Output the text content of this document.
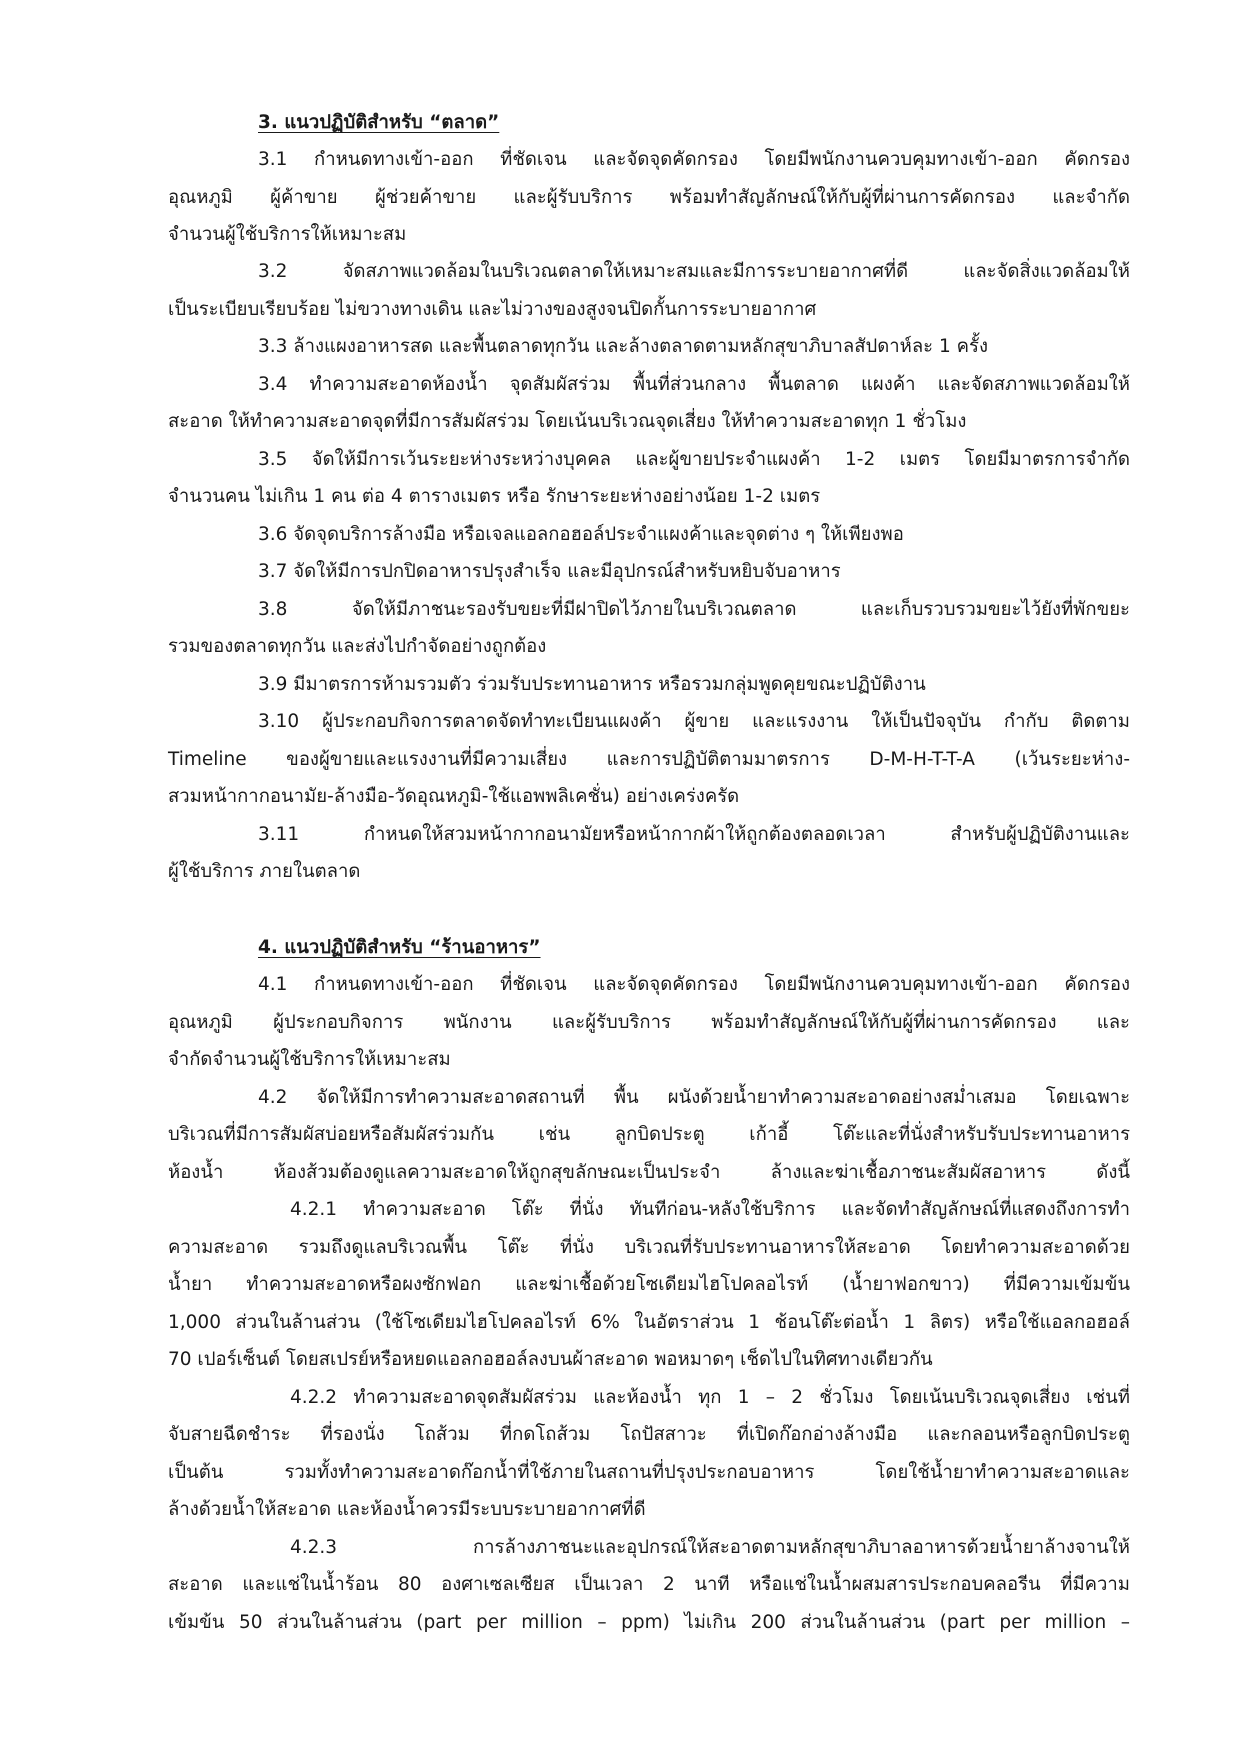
3. แนวปฏิบัติสำหรับ “ตลาด”
3.1 กำหนดทางเข้า-ออก ที่ชัดเจน และจัดจุดคัดกรอง โดยมีพนักงานควบคุมทางเข้า-ออก คัดกรอง
อุณหภูมิ ผู้ค้าขาย ผู้ช่วยค้าขาย และผู้รับบริการ พร้อมทำสัญลักษณ์ให้กับผู้ที่ผ่านการคัดกรอง และจำกัด
จำนวนผู้ใช้บริการให้เหมาะสม
3.2 จัดสภาพแวดล้อมในบริเวณตลาดให้เหมาะสมและมีการระบายอากาศที่ดี และจัดสิ่งแวดล้อมให้
เป็นระเบียบเรียบร้อย ไม่ขวางทางเดิน และไม่วางของสูงจนปิดกั้นการระบายอากาศ
3.3 ล้างแผงอาหารสด และพื้นตลาดทุกวัน และล้างตลาดตามหลักสุขาภิบาลสัปดาห์ละ 1 ครั้ง
3.4 ทำความสะอาดห้องน้ำ จุดสัมผัสร่วม พื้นที่ส่วนกลาง พื้นตลาด แผงค้า และจัดสภาพแวดล้อมให้
สะอาด ให้ทำความสะอาดจุดที่มีการสัมผัสร่วม โดยเน้นบริเวณจุดเสี่ยง ให้ทำความสะอาดทุก 1 ชั่วโมง
3.5 จัดให้มีการเว้นระยะห่างระหว่างบุคคล และผู้ขายประจำแผงค้า 1-2 เมตร โดยมีมาตรการจำกัด
จำนวนคน ไม่เกิน 1 คน ต่อ 4 ตารางเมตร หรือ รักษาระยะห่างอย่างน้อย 1-2 เมตร
3.6 จัดจุดบริการล้างมือ หรือเจลแอลกอฮอล์ประจำแผงค้าและจุดต่าง ๆ ให้เพียงพอ
3.7 จัดให้มีการปกปิดอาหารปรุงสำเร็จ และมีอุปกรณ์สำหรับหยิบจับอาหาร
3.8 จัดให้มีภาชนะรองรับขยะที่มีฝาปิดไว้ภายในบริเวณตลาด และเก็บรวบรวมขยะไว้ยังที่พักขยะ
รวมของตลาดทุกวัน และส่งไปกำจัดอย่างถูกต้อง
3.9 มีมาตรการห้ามรวมตัว ร่วมรับประทานอาหาร หรือรวมกลุ่มพูดคุยขณะปฏิบัติงาน
3.10 ผู้ประกอบกิจการตลาดจัดทำทะเบียนแผงค้า ผู้ขาย และแรงงาน ให้เป็นปัจจุบัน กำกับ ติดตาม
Timeline ของผู้ขายและแรงงานที่มีความเสี่ยง และการปฏิบัติตามมาตรการ D-M-H-T-T-A (เว้นระยะห่าง-
สวมหน้ากากอนามัย-ล้างมือ-วัดอุณหภูมิ-ใช้แอพพลิเคชั่น) อย่างเคร่งครัด
3.11 กำหนดให้สวมหน้ากากอนามัยหรือหน้ากากผ้าให้ถูกต้องตลอดเวลา สำหรับผู้ปฏิบัติงานและ
ผู้ใช้บริการ ภายในตลาด
4. แนวปฏิบัติสำหรับ “ร้านอาหาร”
4.1 กำหนดทางเข้า-ออก ที่ชัดเจน และจัดจุดคัดกรอง โดยมีพนักงานควบคุมทางเข้า-ออก คัดกรอง
อุณหภูมิ ผู้ประกอบกิจการ พนักงาน และผู้รับบริการ พร้อมทำสัญลักษณ์ให้กับผู้ที่ผ่านการคัดกรอง และ
จำกัดจำนวนผู้ใช้บริการให้เหมาะสม
4.2 จัดให้มีการทำความสะอาดสถานที่ พื้น ผนังด้วยน้ำยาทำความสะอาดอย่างสม่ำเสมอ โดยเฉพาะ
บริเวณที่มีการสัมผัสบ่อยหรือสัมผัสร่วมกัน เช่น ลูกบิดประตู เก้าอี้ โต๊ะและที่นั่งสำหรับรับประทานอาหาร
ห้องน้ำ ห้องส้วมต้องดูแลความสะอาดให้ถูกสุขลักษณะเป็นประจำ ล้างและฆ่าเชื้อภาชนะสัมผัสอาหาร ดังนี้
4.2.1 ทำความสะอาด โต๊ะ ที่นั่ง ทันทีก่อน-หลังใช้บริการ และจัดทำสัญลักษณ์ที่แสดงถึงการทำ
ความสะอาด รวมถึงดูแลบริเวณพื้น โต๊ะ ที่นั่ง บริเวณที่รับประทานอาหารให้สะอาด โดยทำความสะอาดด้วย
น้ำยา ทำความสะอาดหรือผงซักฟอก และฆ่าเชื้อด้วยโซเดียมไฮโปคลอไรท์ (น้ำยาฟอกขาว) ที่มีความเข้มข้น
1,000 ส่วนในล้านส่วน (ใช้โซเดียมไฮโปคลอไรท์ 6% ในอัตราส่วน 1 ช้อนโต๊ะต่อน้ำ 1 ลิตร) หรือใช้แอลกอฮอล์
70 เปอร์เซ็นต์ โดยสเปรย์หรือหยดแอลกอฮอล์ลงบนผ้าสะอาด พอหมาดๆ เช็ดไปในทิศทางเดียวกัน
4.2.2 ทำความสะอาดจุดสัมผัสร่วม และห้องน้ำ ทุก 1 – 2 ชั่วโมง โดยเน้นบริเวณจุดเสี่ยง เช่นที่
จับสายฉีดชำระ ที่รองนั่ง โถส้วม ที่กดโถส้วม โถปัสสาวะ ที่เปิดก๊อกอ่างล้างมือ และกลอนหรือลูกบิดประตู
เป็นต้น รวมทั้งทำความสะอาดก๊อกน้ำที่ใช้ภายในสถานที่ปรุงประกอบอาหาร โดยใช้น้ำยาทำความสะอาดและ
ล้างด้วยน้ำให้สะอาด และห้องน้ำควรมีระบบระบายอากาศที่ดี
4.2.3 การล้างภาชนะและอุปกรณ์ให้สะอาดตามหลักสุขาภิบาลอาหารด้วยน้ำยาล้างจานให้
สะอาด และแช่ในน้ำร้อน 80 องศาเซลเซียส เป็นเวลา 2 นาที หรือแช่ในน้ำผสมสารประกอบคลอรีน ที่มีความ
เข้มข้น 50 ส่วนในล้านส่วน (part per million – ppm) ไม่เกิน 200 ส่วนในล้านส่วน (part per million –
